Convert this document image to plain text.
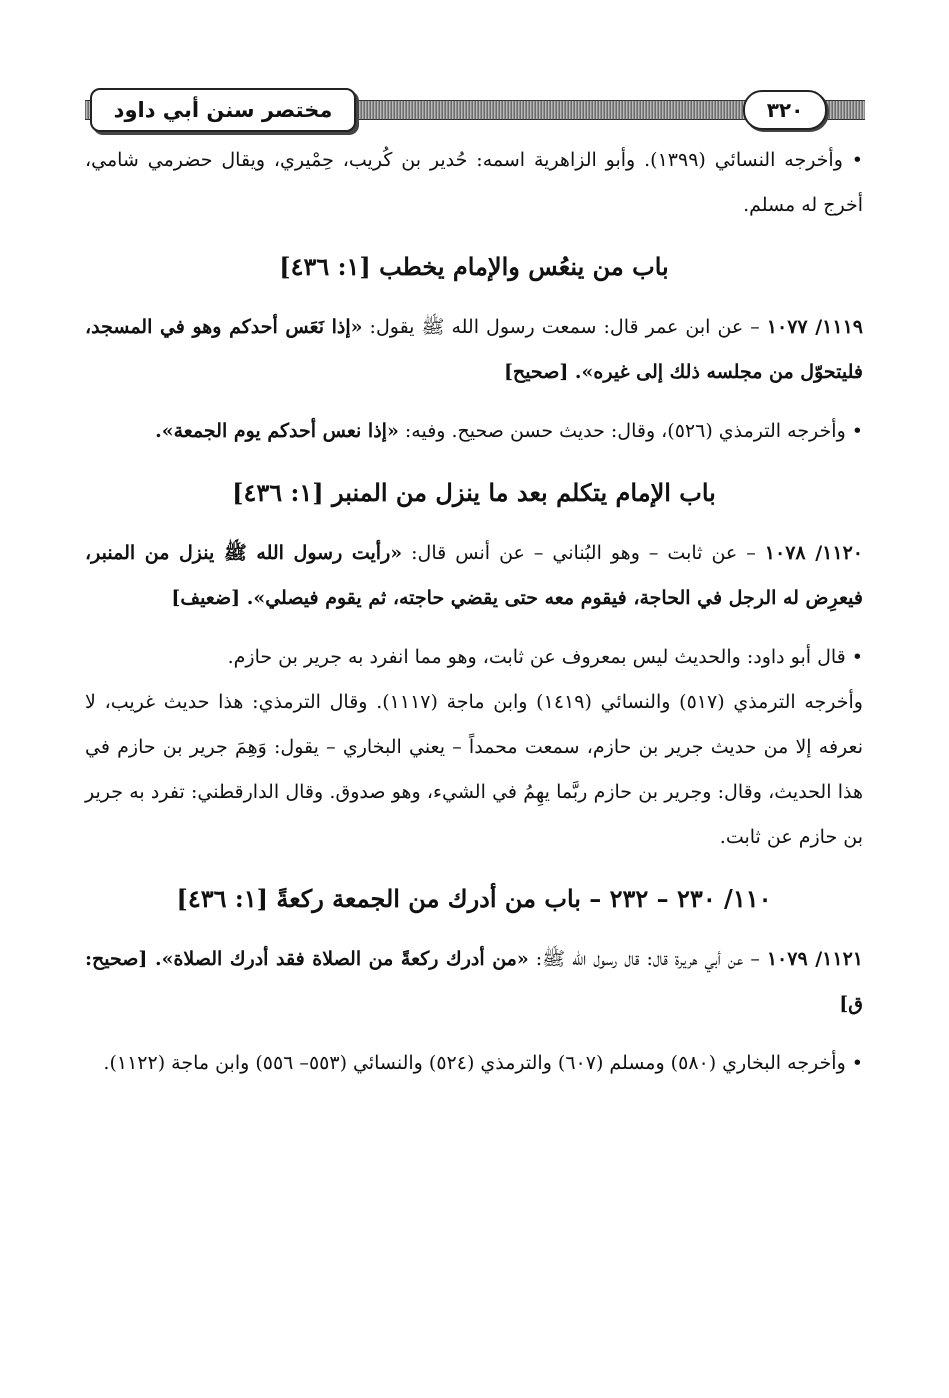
مختصر سنن أبي داود	٣٢٠

• وأخرجه النسائي (١٣٩٩). وأبو الزاهرية اسمه: حُدير بن كُريب، حِمْيري، ويقال حضرمي شامي، أخرج له مسلم.

باب من ينعُس والإمام يخطب [١: ٤٣٦]

١١١٩/ ١٠٧٧ – عن ابن عمر قال: سمعت رسول الله ﷺ يقول: «إذا نَعَس أحدكم وهو في المسجد، فليتحوّل من مجلسه ذلك إلى غيره». [صحيح]

• وأخرجه الترمذي (٥٢٦)، وقال: حديث حسن صحيح. وفيه: «إذا نعس أحدكم يوم الجمعة».

باب الإمام يتكلم بعد ما ينزل من المنبر [١: ٤٣٦]

١١٢٠/ ١٠٧٨ – عن ثابت – وهو البُناني – عن أنس قال: «رأيت رسول الله ﷺ ينزل من المنبر، فيعرِض له الرجل في الحاجة، فيقوم معه حتى يقضي حاجته، ثم يقوم فيصلي». [ضعيف]

• قال أبو داود: والحديث ليس بمعروف عن ثابت، وهو مما انفرد به جرير بن حازم.

وأخرجه الترمذي (٥١٧) والنسائي (١٤١٩) وابن ماجة (١١١٧). وقال الترمذي: هذا حديث غريب، لا نعرفه إلا من حديث جرير بن حازم، سمعت محمداً – يعني البخاري – يقول: وَهِمَ جرير بن حازم في هذا الحديث، وقال: وجرير بن حازم ربَّما يهِمُ في الشيء، وهو صدوق. وقال الدارقطني: تفرد به جرير بن حازم عن ثابت.

١١٠/ ٢٣٠ – ٢٣٢ – باب من أدرك من الجمعة ركعةً [١: ٤٣٦]

١١٢١/ ١٠٧٩ – عن أبي هريرة قال: قال رسول الله ﷺ: «من أدرك ركعةً من الصلاة فقد أدرك الصلاة». [صحيح: ق]

• وأخرجه البخاري (٥٨٠) ومسلم (٦٠٧) والترمذي (٥٢٤) والنسائي (٥٥٣– ٥٥٦) وابن ماجة (١١٢٢).
